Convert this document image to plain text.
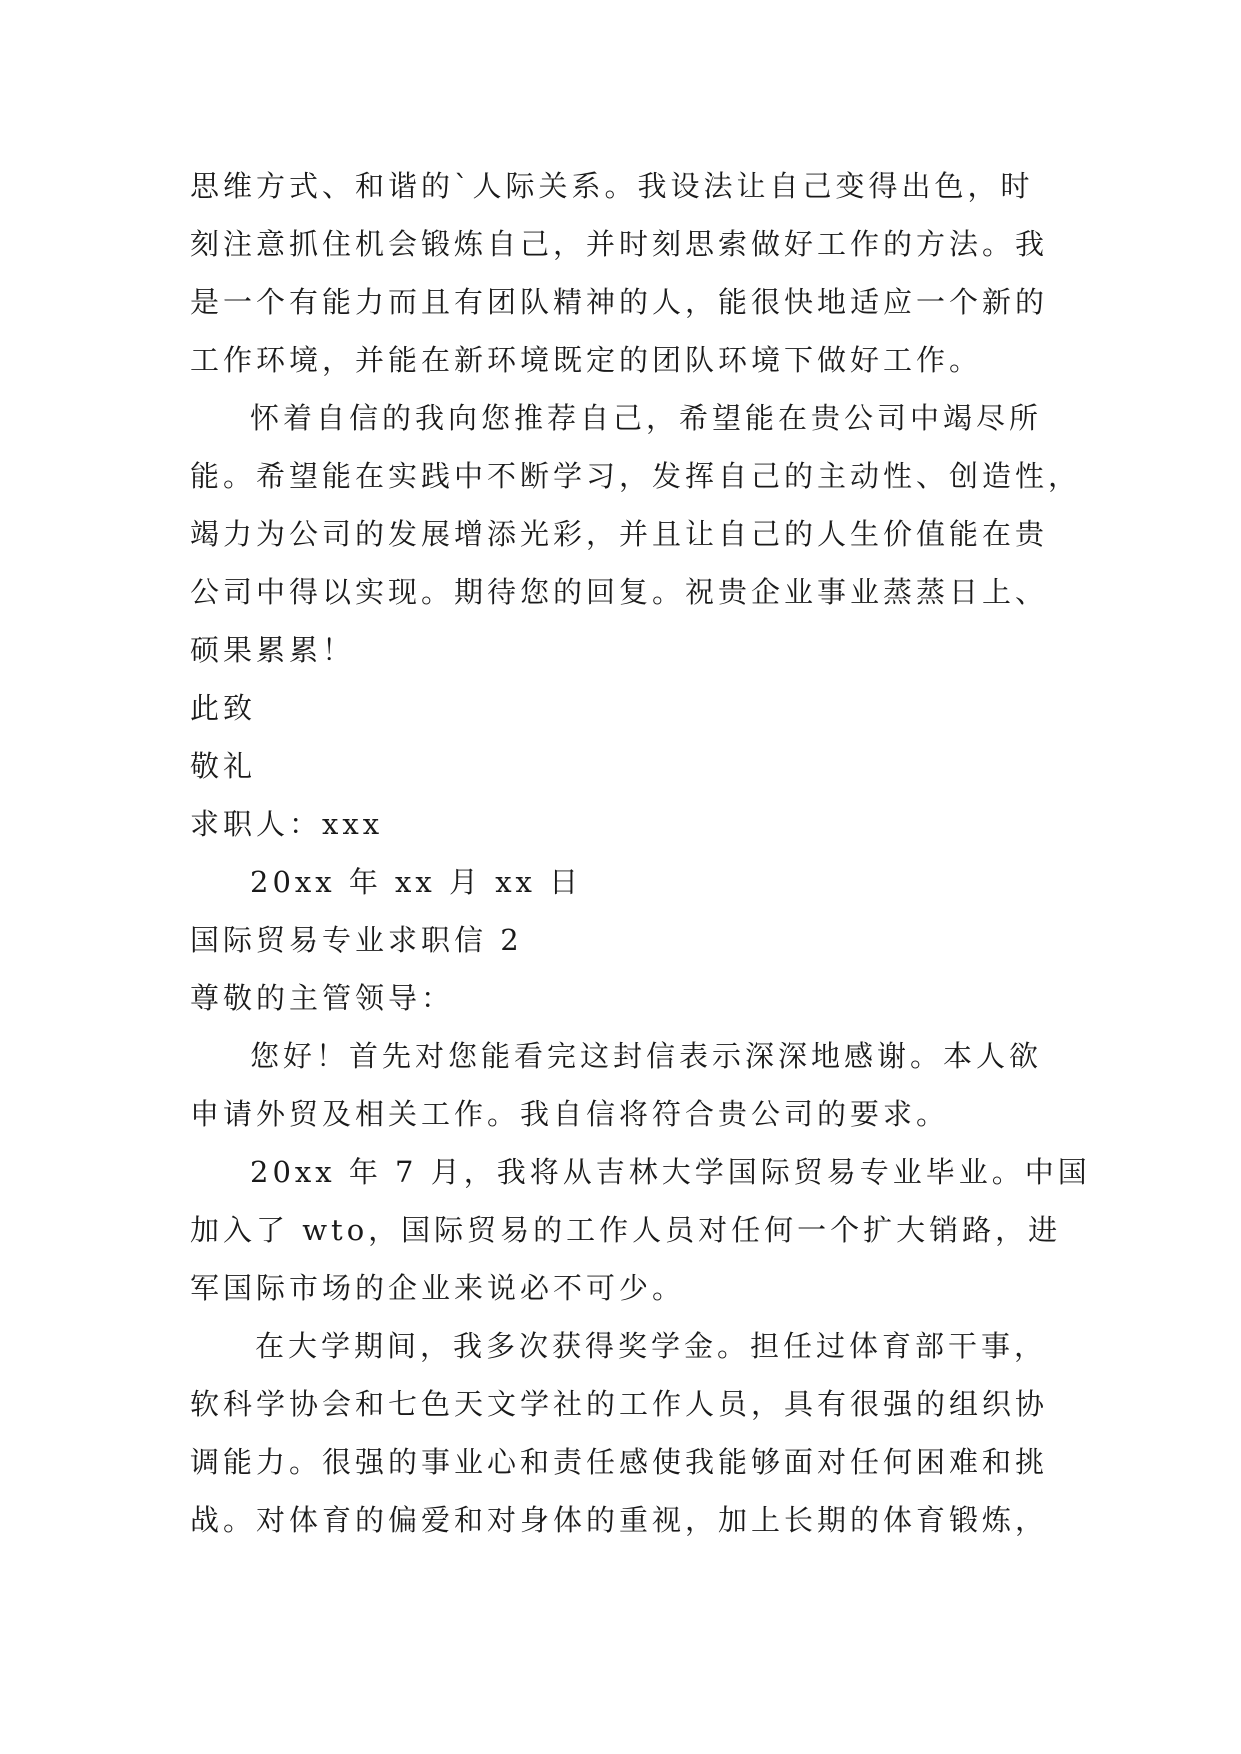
思维方式、和谐的`人际关系。我设法让自己变得出色，时
刻注意抓住机会锻炼自己，并时刻思索做好工作的方法。我
是一个有能力而且有团队精神的人，能很快地适应一个新的
工作环境，并能在新环境既定的团队环境下做好工作。
怀着自信的我向您推荐自己，希望能在贵公司中竭尽所
能。希望能在实践中不断学习，发挥自己的主动性、创造性，
竭力为公司的发展增添光彩，并且让自己的人生价值能在贵
公司中得以实现。期待您的回复。祝贵企业事业蒸蒸日上、
硕果累累！
此致
敬礼
求职人：xxx
20xx 年 xx 月 xx 日
国际贸易专业求职信 2
尊敬的主管领导：
您好！首先对您能看完这封信表示深深地感谢。本人欲
申请外贸及相关工作。我自信将符合贵公司的要求。
20xx 年 7 月，我将从吉林大学国际贸易专业毕业。中国
加入了 wto，国际贸易的工作人员对任何一个扩大销路，进
军国际市场的企业来说必不可少。
在大学期间，我多次获得奖学金。担任过体育部干事，
软科学协会和七色天文学社的工作人员，具有很强的组织协
调能力。很强的事业心和责任感使我能够面对任何困难和挑
战。对体育的偏爱和对身体的重视，加上长期的体育锻炼，
